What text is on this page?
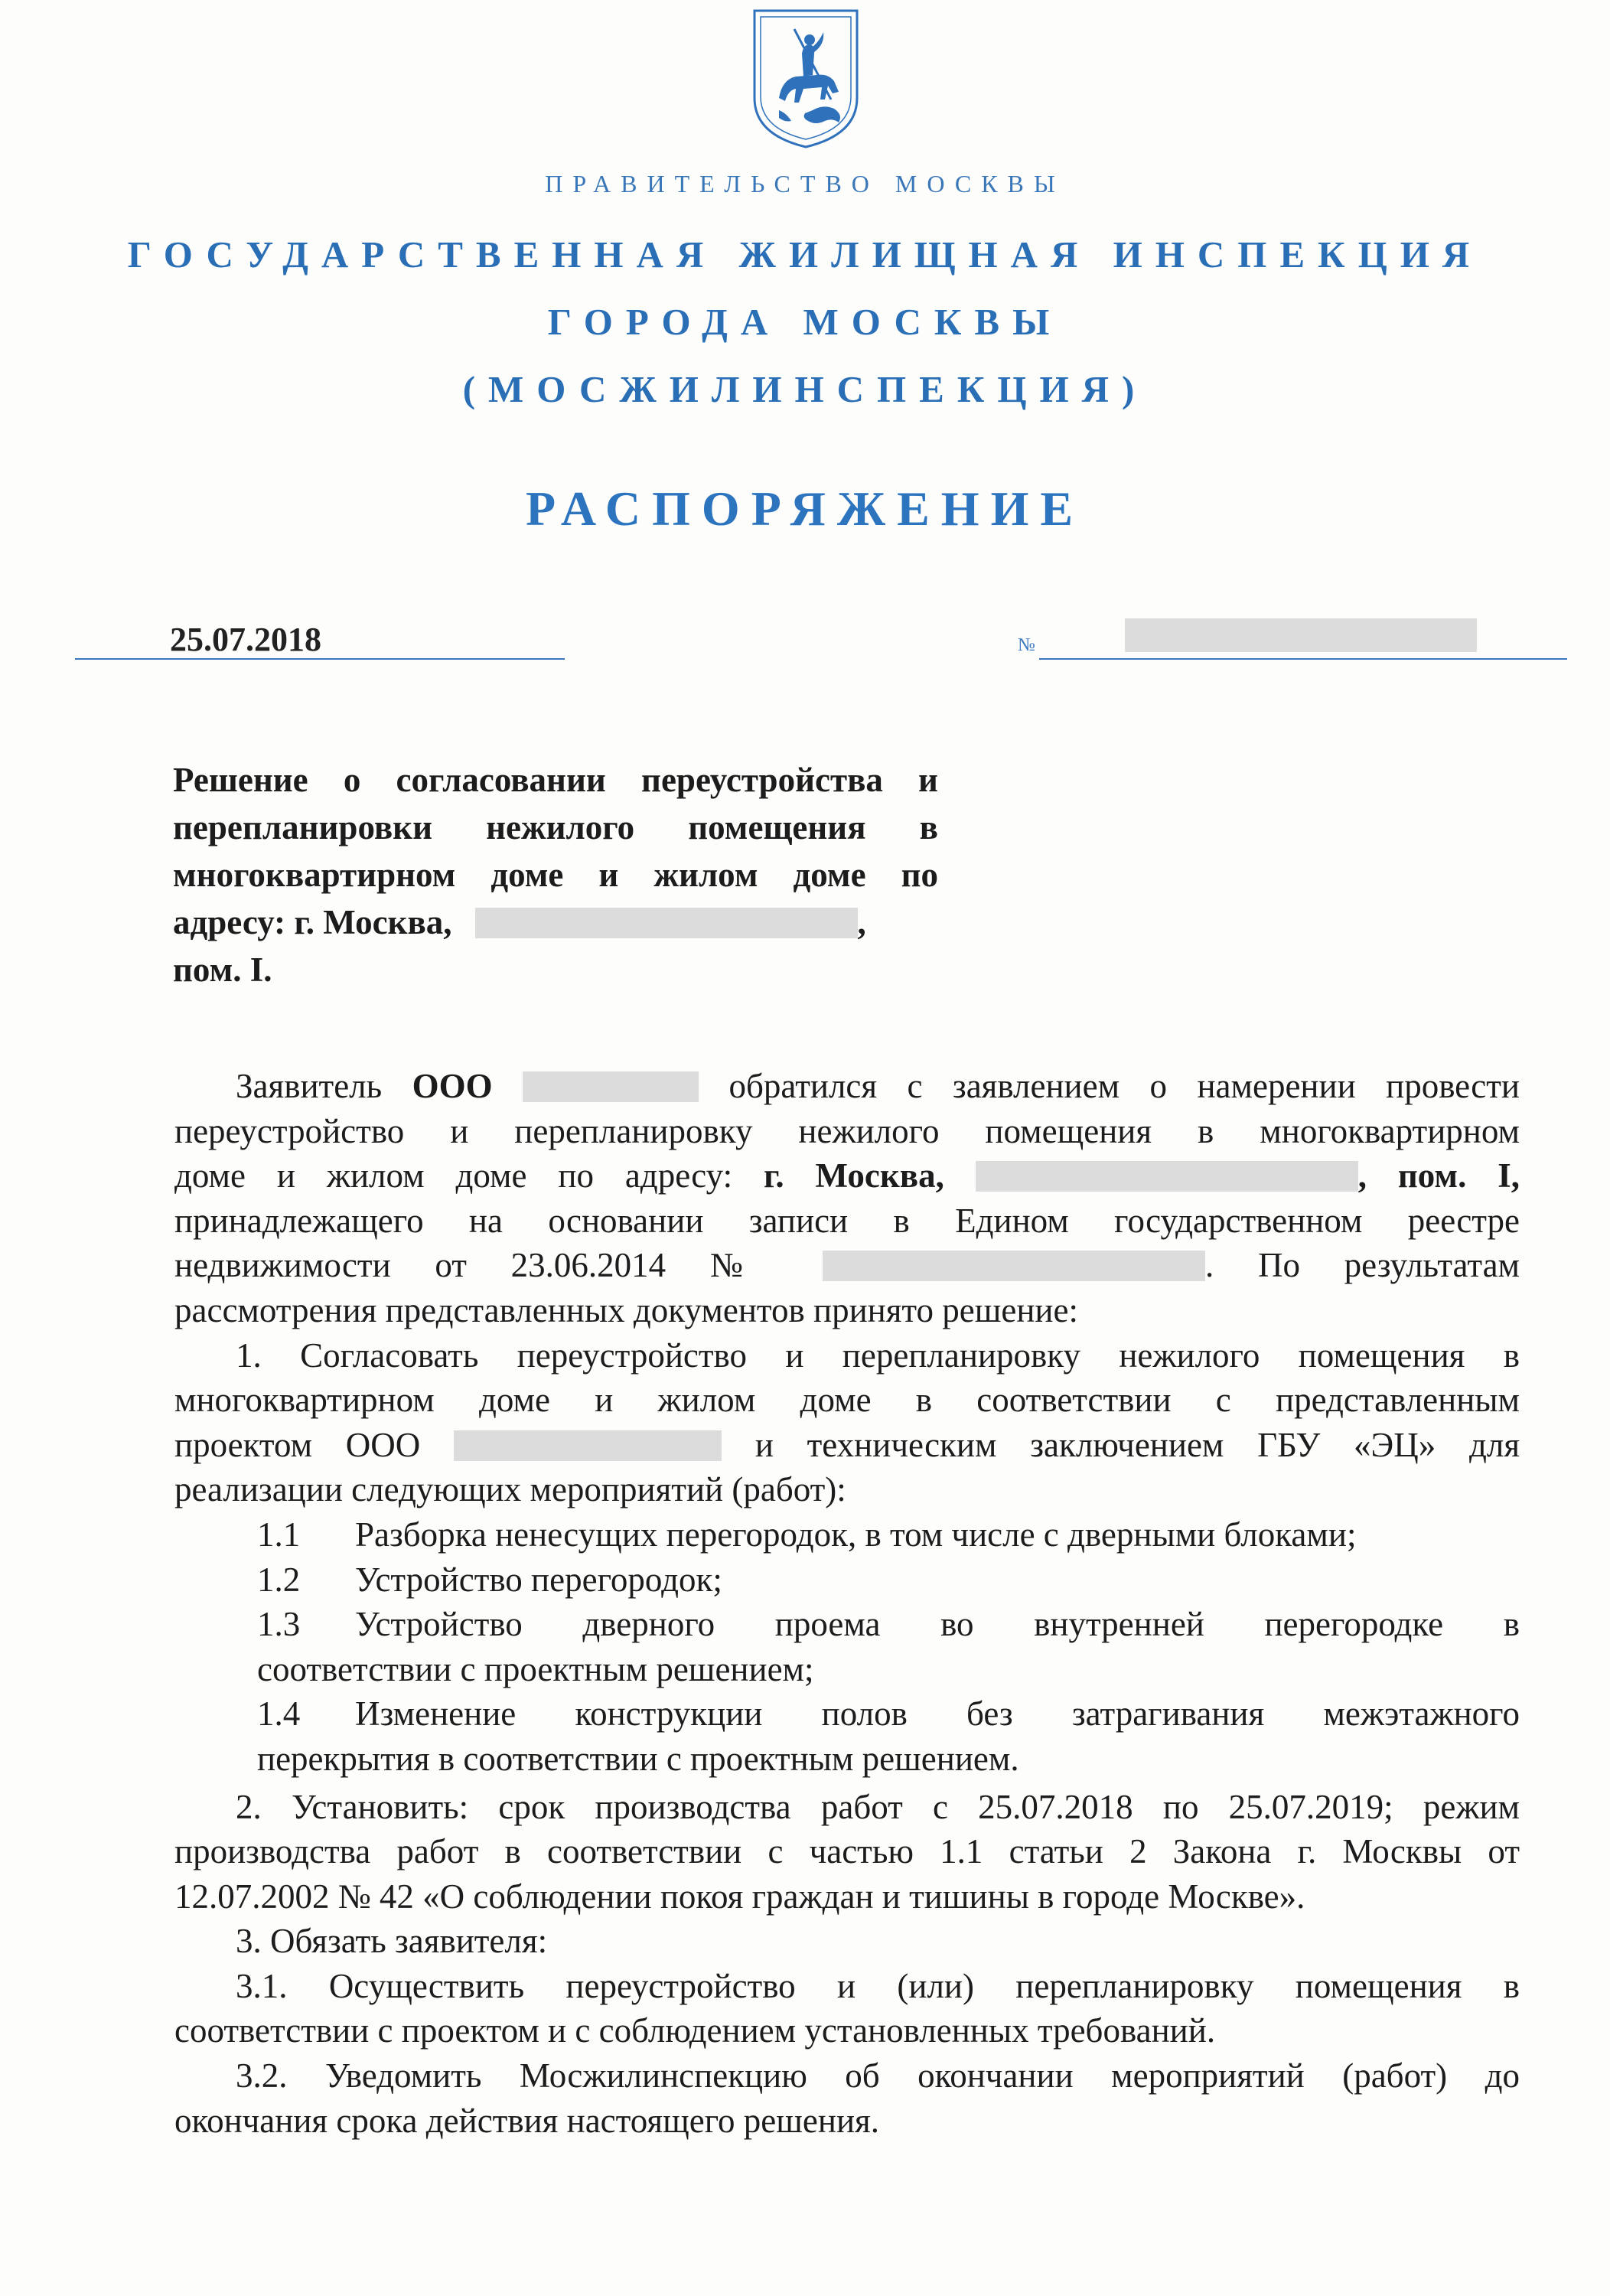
ПРАВИТЕЛЬСТВО МОСКВЫ
ГОСУДАРСТВЕННАЯ ЖИЛИЩНАЯ ИНСПЕКЦИЯ
ГОРОДА МОСКВЫ
(МОСЖИЛИНСПЕКЦИЯ)
РАСПОРЯЖЕНИЕ
25.07.2018	№
Решение о согласовании переустройства и
перепланировки нежилого помещения в
многоквартирном доме и жилом доме по
адресу: г. Москва,	,
пом. I.
Заявитель ООО	обратился с заявлением о намерении провести
переустройство и перепланировку нежилого помещения в многоквартирном
доме и жилом доме по адресу: г. Москва,	, пом. I,
принадлежащего на основании записи в Едином государственном реестре
недвижимости от 23.06.2014 №	. По результатам
рассмотрения представленных документов принято решение:
1. Согласовать переустройство и перепланировку нежилого помещения в
многоквартирном доме и жилом доме в соответствии с представленным
проектом ООО	и техническим заключением ГБУ «ЭЦ» для
реализации следующих мероприятий (работ):
1.1 Разборка ненесущих перегородок, в том числе с дверными блоками;
1.2 Устройство перегородок;
1.3 Устройство дверного проема во внутренней перегородке в
соответствии с проектным решением;
1.4 Изменение конструкции полов без затрагивания межэтажного
перекрытия в соответствии с проектным решением.
2. Установить: срок производства работ с 25.07.2018 по 25.07.2019; режим
производства работ в соответствии с частью 1.1 статьи 2 Закона г. Москвы от
12.07.2002 № 42 «О соблюдении покоя граждан и тишины в городе Москве».
3. Обязать заявителя:
3.1. Осуществить переустройство и (или) перепланировку помещения в
соответствии с проектом и с соблюдением установленных требований.
3.2. Уведомить Мосжилинспекцию об окончании мероприятий (работ) до
окончания срока действия настоящего решения.
